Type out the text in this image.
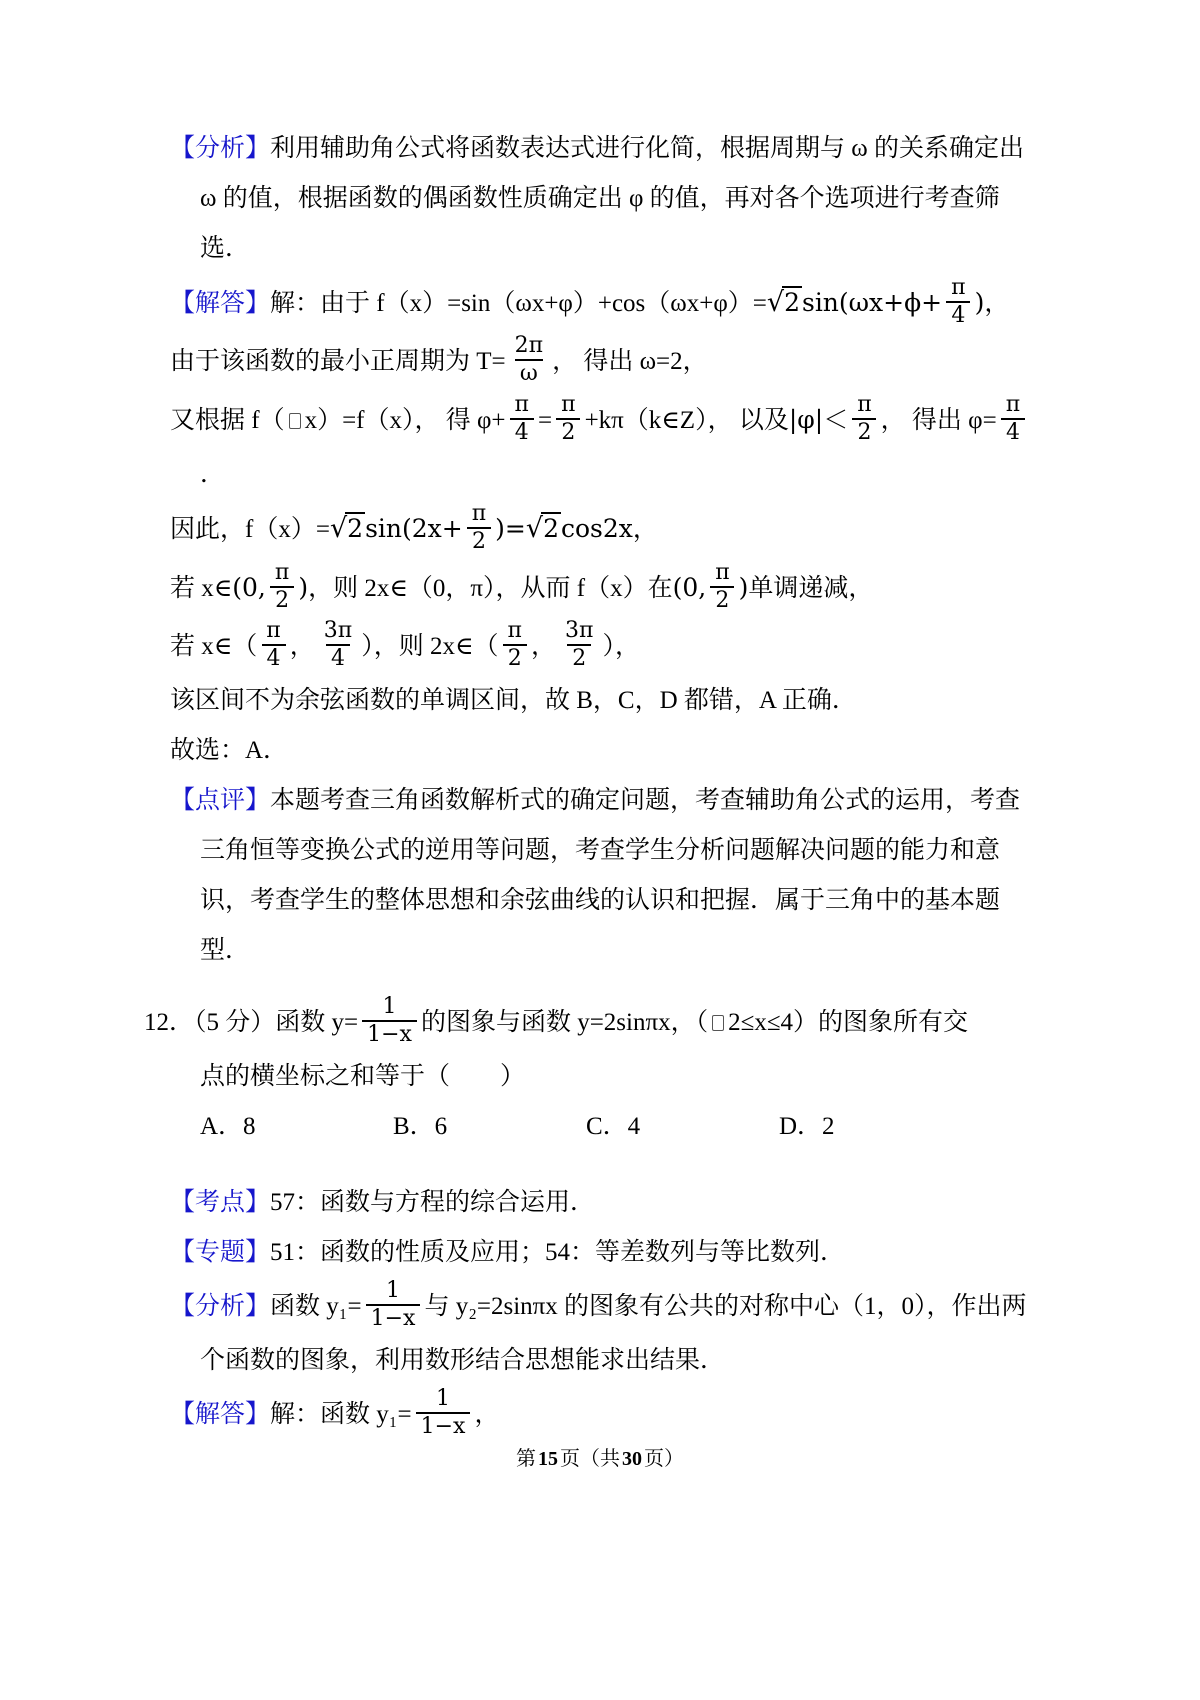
【分析】利用辅助角公式将函数表达式进行化简，根据周期与 ω 的关系确定出
ω 的值，根据函数的偶函数性质确定出 φ 的值，再对各个选项进行考查筛
选．
【解答】解：由于 $f(x)=\sin(\omega x+\varphi)+\cos(\omega x+\varphi)=√2\sin(\omega x+\phi+ \frac{\pi}{4}$ )，
由于该函数的最小正周期为 $T= \frac{2\pi}{\omega}$ ， 得出 ω=2，
又根据 f（ x）=f（x）， 得 $\varphi+ \frac{\pi}{4} = \frac{\pi}{2}$ +kπ（k∈Z）， 以及$|\varphi|< \frac{\pi}{2}$ ， 得出 $\varphi= \frac{\pi}{4}$
．
因此，$f(x)=√2\sin(2x+ \frac{\pi}{2} )=√2\cos 2x$，
若 x∈(0, $\frac{\pi}{2}$ )，则 2x∈（0，π），从而 f（x）在(0, $\frac{\pi}{2}$ )单调递减，
若 x∈（ $\frac{\pi}{4}$ ， $\frac{3\pi}{4}$ ），则 2x∈（ $\frac{\pi}{2}$ ， $\frac{3\pi}{2}$ ），
该区间不为余弦函数的单调区间，故 B，C，D 都错，A 正确．
故选：A．
【点评】本题考查三角函数解析式的确定问题，考查辅助角公式的运用，考查
三角恒等变换公式的逆用等问题，考查学生分析问题解决问题的能力和意
识，考查学生的整体思想和余弦曲线的认识和把握．属于三角中的基本题
型．
12．（5 分）函数 $y= \frac{1}{1-x}$ 的图象与函数 y=2sinπx，（ 2≤x≤4）的图象所有交
点的横坐标之和等于（　　）
A．8	B．6	C．4	D．2
【考点】57：函数与方程的综合运用．
【专题】51：函数的性质及应用；54：等差数列与等比数列．
【分析】函数 $y_1= \frac{1}{1-x}$ 与 y₂=2sinπx 的图象有公共的对称中心（1，0），作出两
个函数的图象，利用数形结合思想能求出结果．
【解答】解：函数 $y_1= \frac{1}{1-x}$ ，
第 15 页（共 30 页）
